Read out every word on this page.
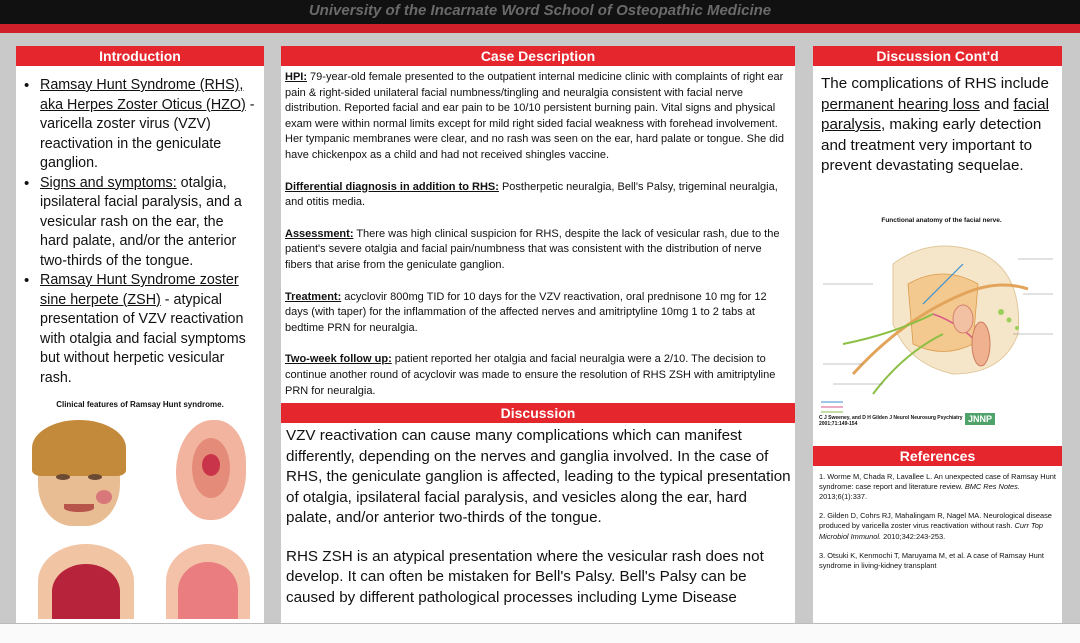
University of the Incarnate Word School of Osteopathic Medicine
Introduction
• Ramsay Hunt Syndrome (RHS), aka Herpes Zoster Oticus (HZO) - varicella zoster virus (VZV) reactivation in the geniculate ganglion.
• Signs and symptoms: otalgia, ipsilateral facial paralysis, and a vesicular rash on the ear, the hard palate, and/or the anterior two-thirds of the tongue.
• Ramsay Hunt Syndrome zoster sine herpete (ZSH) - atypical presentation of VZV reactivation with otalgia and facial symptoms but without herpetic vesicular rash.
Clinical features of Ramsay Hunt syndrome.
Case Description

HPI: 79-year-old female presented to the outpatient internal medicine clinic with complaints of right ear pain & right-sided unilateral facial numbness/tingling and neuralgia consistent with facial nerve distribution. Reported facial and ear pain to be 10/10 persistent burning pain. Vital signs and physical exam were within normal limits except for mild right sided facial weakness with forehead involvement. Her tympanic membranes were clear, and no rash was seen on the ear, hard palate or tongue. She did have chickenpox as a child and had not received shingles vaccine.

Differential diagnosis in addition to RHS: Postherpetic neuralgia, Bell's Palsy, trigeminal neuralgia, and otitis media.

Assessment: There was high clinical suspicion for RHS, despite the lack of vesicular rash, due to the patient's severe otalgia and facial pain/numbness that was consistent with the distribution of nerve fibers that arise from the geniculate ganglion.

Treatment: acyclovir 800mg TID for 10 days for the VZV reactivation, oral prednisone 10 mg for 12 days (with taper) for the inflammation of the affected nerves and amitriptyline 10mg 1 to 2 tabs at bedtime PRN for neuralgia.

Two-week follow up: patient reported her otalgia and facial neuralgia were a 2/10. The decision to continue another round of acyclovir was made to ensure the resolution of RHS ZSH with amitriptyline PRN for neuralgia.

Discussion

VZV reactivation can cause many complications which can manifest differently, depending on the nerves and ganglia involved. In the case of RHS, the geniculate ganglion is affected, leading to the typical presentation of otalgia, ipsilateral facial paralysis, and vesicles along the ear, hard palate, and/or anterior two-thirds of the tongue.

RHS ZSH is an atypical presentation where the vesicular rash does not develop. It can often be mistaken for Bell's Palsy. Bell's Palsy can be caused by different pathological processes including Lyme Disease

Discussion Cont'd
The complications of RHS include permanent hearing loss and facial paralysis, making early detection and treatment very important to prevent devastating sequelae.
Functional anatomy of the facial nerve.
C J Sweeney, and D H Gilden J Neurol Neurosurg Psychiatry 2001;71:149-154	JNNP
References

1. Worme M, Chada R, Lavallee L. An unexpected case of Ramsay Hunt syndrome: case report and literature review. BMC Res Notes. 2013;6(1):337.

2. Gilden D, Cohrs RJ, Mahalingam R, Nagel MA. Neurological disease produced by varicella zoster virus reactivation without rash. Curr Top Microbiol Immunol. 2010;342:243-253.

3. Otsuki K, Kenmochi T, Maruyama M, et al. A case of Ramsay Hunt syndrome in living-kidney transplant
